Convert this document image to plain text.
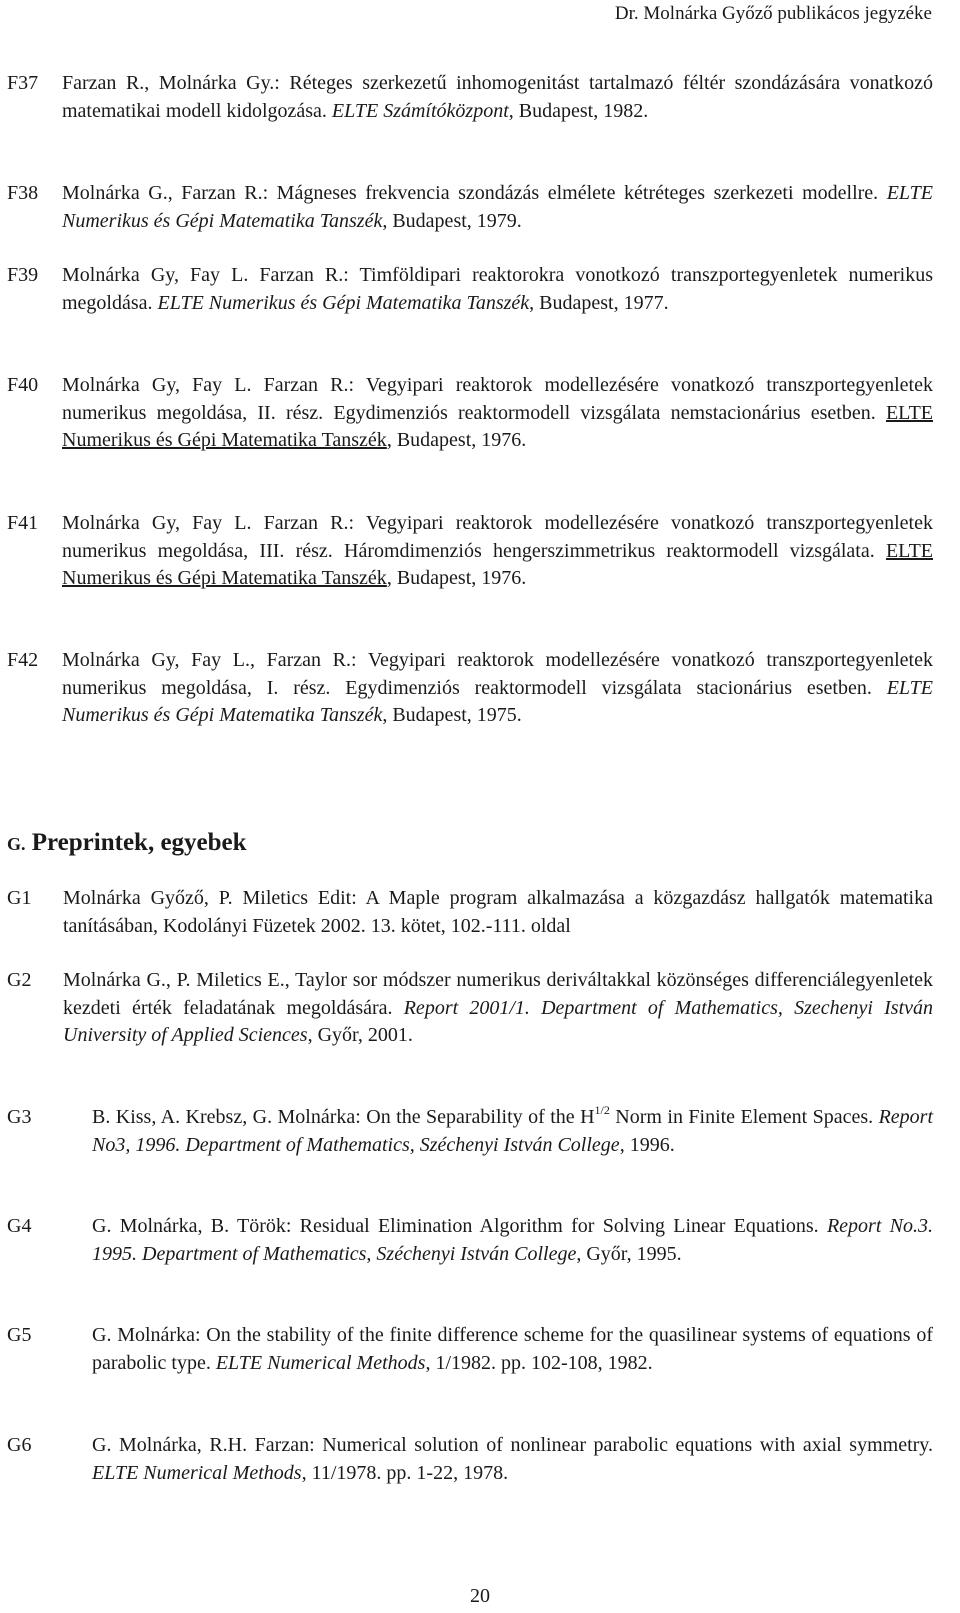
Dr. Molnárka Győző publikácos jegyzéke
F37 Farzan R., Molnárka Gy.: Réteges szerkezetű inhomogenitást tartalmazó féltér szondázására vonatkozó matematikai modell kidolgozása. ELTE Számítóközpont, Budapest, 1982.

F38 Molnárka G., Farzan R.: Mágneses frekvencia szondázás elmélete kétréteges szerkezeti modellre. ELTE Numerikus és Gépi Matematika Tanszék, Budapest, 1979.

F39 Molnárka Gy, Fay L. Farzan R.: Timföldipari reaktorokra vonotkozó transzportegyenletek numerikus megoldása. ELTE Numerikus és Gépi Matematika Tanszék, Budapest, 1977.

F40 Molnárka Gy, Fay L. Farzan R.: Vegyipari reaktorok modellezésére vonatkozó transzportegyenletek numerikus megoldása, II. rész. Egydimenziós reaktormodell vizsgálata nemstacionárius esetben. ELTE Numerikus és Gépi Matematika Tanszék, Budapest, 1976.

F41 Molnárka Gy, Fay L. Farzan R.: Vegyipari reaktorok modellezésére vonatkozó transzportegyenletek numerikus megoldása, III. rész. Háromdimenziós hengerszimmetrikus reaktormodell vizsgálata. ELTE Numerikus és Gépi Matematika Tanszék, Budapest, 1976.

F42 Molnárka Gy, Fay L., Farzan R.: Vegyipari reaktorok modellezésére vonatkozó transzportegyenletek numerikus megoldása, I. rész. Egydimenziós reaktormodell vizsgálata stacionárius esetben. ELTE Numerikus és Gépi Matematika Tanszék, Budapest, 1975.

G. Preprintek, egyebek
G1 Molnárka Győző, P. Miletics Edit: A Maple program alkalmazása a közgazdász hallgatók matematika tanításában, Kodolányi Füzetek 2002. 13. kötet, 102.-111. oldal

G2 Molnárka G., P. Miletics E., Taylor sor módszer numerikus deriváltakkal közönséges differenciálegyenletek kezdeti érték feladatának megoldására. Report 2001/1. Department of Mathematics, Szechenyi István University of Applied Sciences, Győr, 2001.

G3	B. Kiss, A. Krebsz, G. Molnárka: On the Separability of the $H^{1/2}$ Norm in Finite Element Spaces. Report No3, 1996. Department of Mathematics, Széchenyi István College, 1996.

G4	G. Molnárka, B. Török: Residual Elimination Algorithm for Solving Linear Equations. Report No.3. 1995. Department of Mathematics, Széchenyi István College, Győr, 1995.

G5	G. Molnárka: On the stability of the finite difference scheme for the quasilinear systems of equations of parabolic type. ELTE Numerical Methods, 1/1982. pp. 102-108, 1982.

G6	G. Molnárka, R.H. Farzan: Numerical solution of nonlinear parabolic equations with axial symmetry. ELTE Numerical Methods, 11/1978. pp. 1-22, 1978.

20
